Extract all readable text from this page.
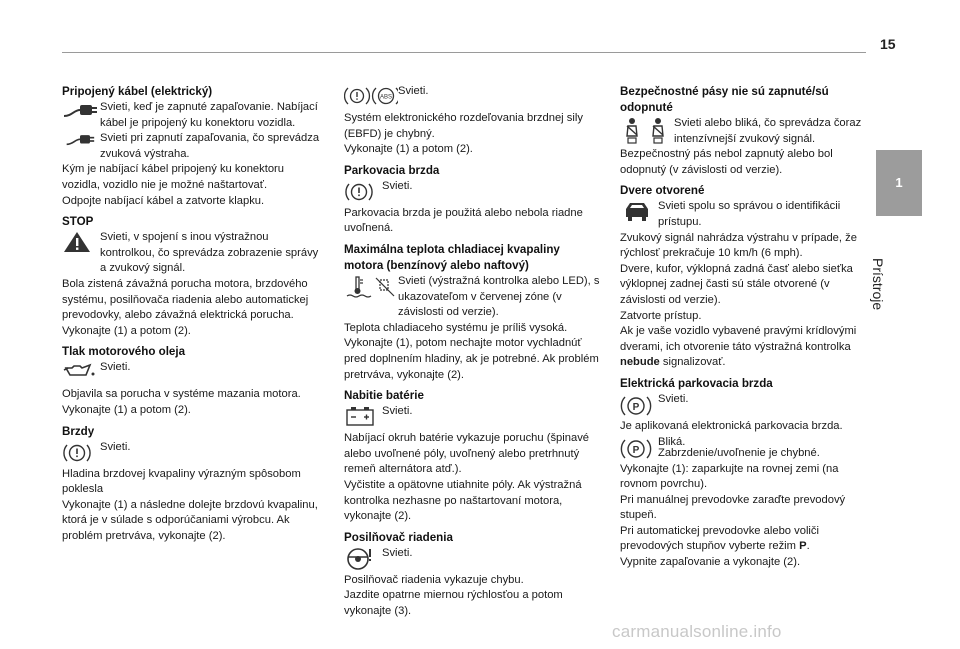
15
1
Prístroje
Pripojený kábel (elektrický)

Svieti, keď je zapnuté zapaľovanie. Nabíjací kábel je pripojený ku konektoru vozidla.

Svieti pri zapnutí zapaľovania, čo sprevádza zvuková výstraha.

Kým je nabíjací kábel pripojený ku konektoru vozidla, vozidlo nie je možné naštartovať.

Odpojte nabíjací kábel a zatvorte klapku.

STOP

Svieti, v spojení s inou výstražnou kontrolkou, čo sprevádza zobrazenie správy a zvukový signál.

Bola zistená závažná porucha motora, brzdového systému, posilňovača riadenia alebo automatickej prevodovky, alebo závažná elektrická porucha.

Vykonajte (1) a potom (2).

Tlak motorového oleja

Svieti.

Objavila sa porucha v systéme mazania motora.

Vykonajte (1) a potom (2).

Brzdy

Svieti.

Hladina brzdovej kvapaliny výrazným spôsobom poklesla

Vykonajte (1) a následne dolejte brzdovú kvapalinu, ktorá je v súlade s odporúčaniami výrobcu. Ak problém pretrváva, vykonajte (2).

ABS

Svieti.

Systém elektronického rozdeľovania brzdnej sily (EBFD) je chybný.

Vykonajte (1) a potom (2).

Parkovacia brzda

Svieti.

Parkovacia brzda je použitá alebo nebola riadne uvoľnená.

Maximálna teplota chladiacej kvapaliny motora (benzínový alebo naftový)

Svieti (výstražná kontrolka alebo LED), s ukazovateľom v červenej zóne (v závislosti od verzie).

Teplota chladiaceho systému je príliš vysoká.

Vykonajte (1), potom nechajte motor vychladnúť pred doplnením hladiny, ak je potrebné. Ak problém pretrváva, vykonajte (2).

Nabitie batérie

Svieti.

Nabíjací okruh batérie vykazuje poruchu (špinavé alebo uvoľnené póly, uvoľnený alebo pretrhnutý remeň alternátora atď.).

Vyčistite a opätovne utiahnite póly. Ak výstražná kontrolka nezhasne po naštartovaní motora, vykonajte (2).

Posilňovač riadenia

Svieti.

Posilňovač riadenia vykazuje chybu.

Jazdite opatrne miernou rýchlosťou a potom vykonajte (3).

Bezpečnostné pásy nie sú zapnuté/sú odopnuté

Svieti alebo bliká, čo sprevádza čoraz intenzívnejší zvukový signál.

Bezpečnostný pás nebol zapnutý alebo bol odopnutý (v závislosti od verzie).

Dvere otvorené

Svieti spolu so správou o identifikácii prístupu.

Zvukový signál nahrádza výstrahu v prípade, že rýchlosť prekračuje 10 km/h (6 mph).

Dvere, kufor, výklopná zadná časť alebo sieťka výklopnej zadnej časti sú stále otvorené (v závislosti od verzie).

Zatvorte prístup.

Ak je vaše vozidlo vybavené pravými krídlovými dverami, ich otvorenie táto výstražná kontrolka nebude signalizovať.

Elektrická parkovacia brzda
P

Svieti.

Je aplikovaná elektronická parkovacia brzda.

P

Bliká.

Zabrzdenie/uvoľnenie je chybné.

Vykonajte (1): zaparkujte na rovnej zemi (na rovnom povrchu).

Pri manuálnej prevodovke zaraďte prevodový stupeň.

Pri automatickej prevodovke alebo voliči prevodových stupňov vyberte režim P.

Vypnite zapaľovanie a vykonajte (2).

carmanualsonline.info
